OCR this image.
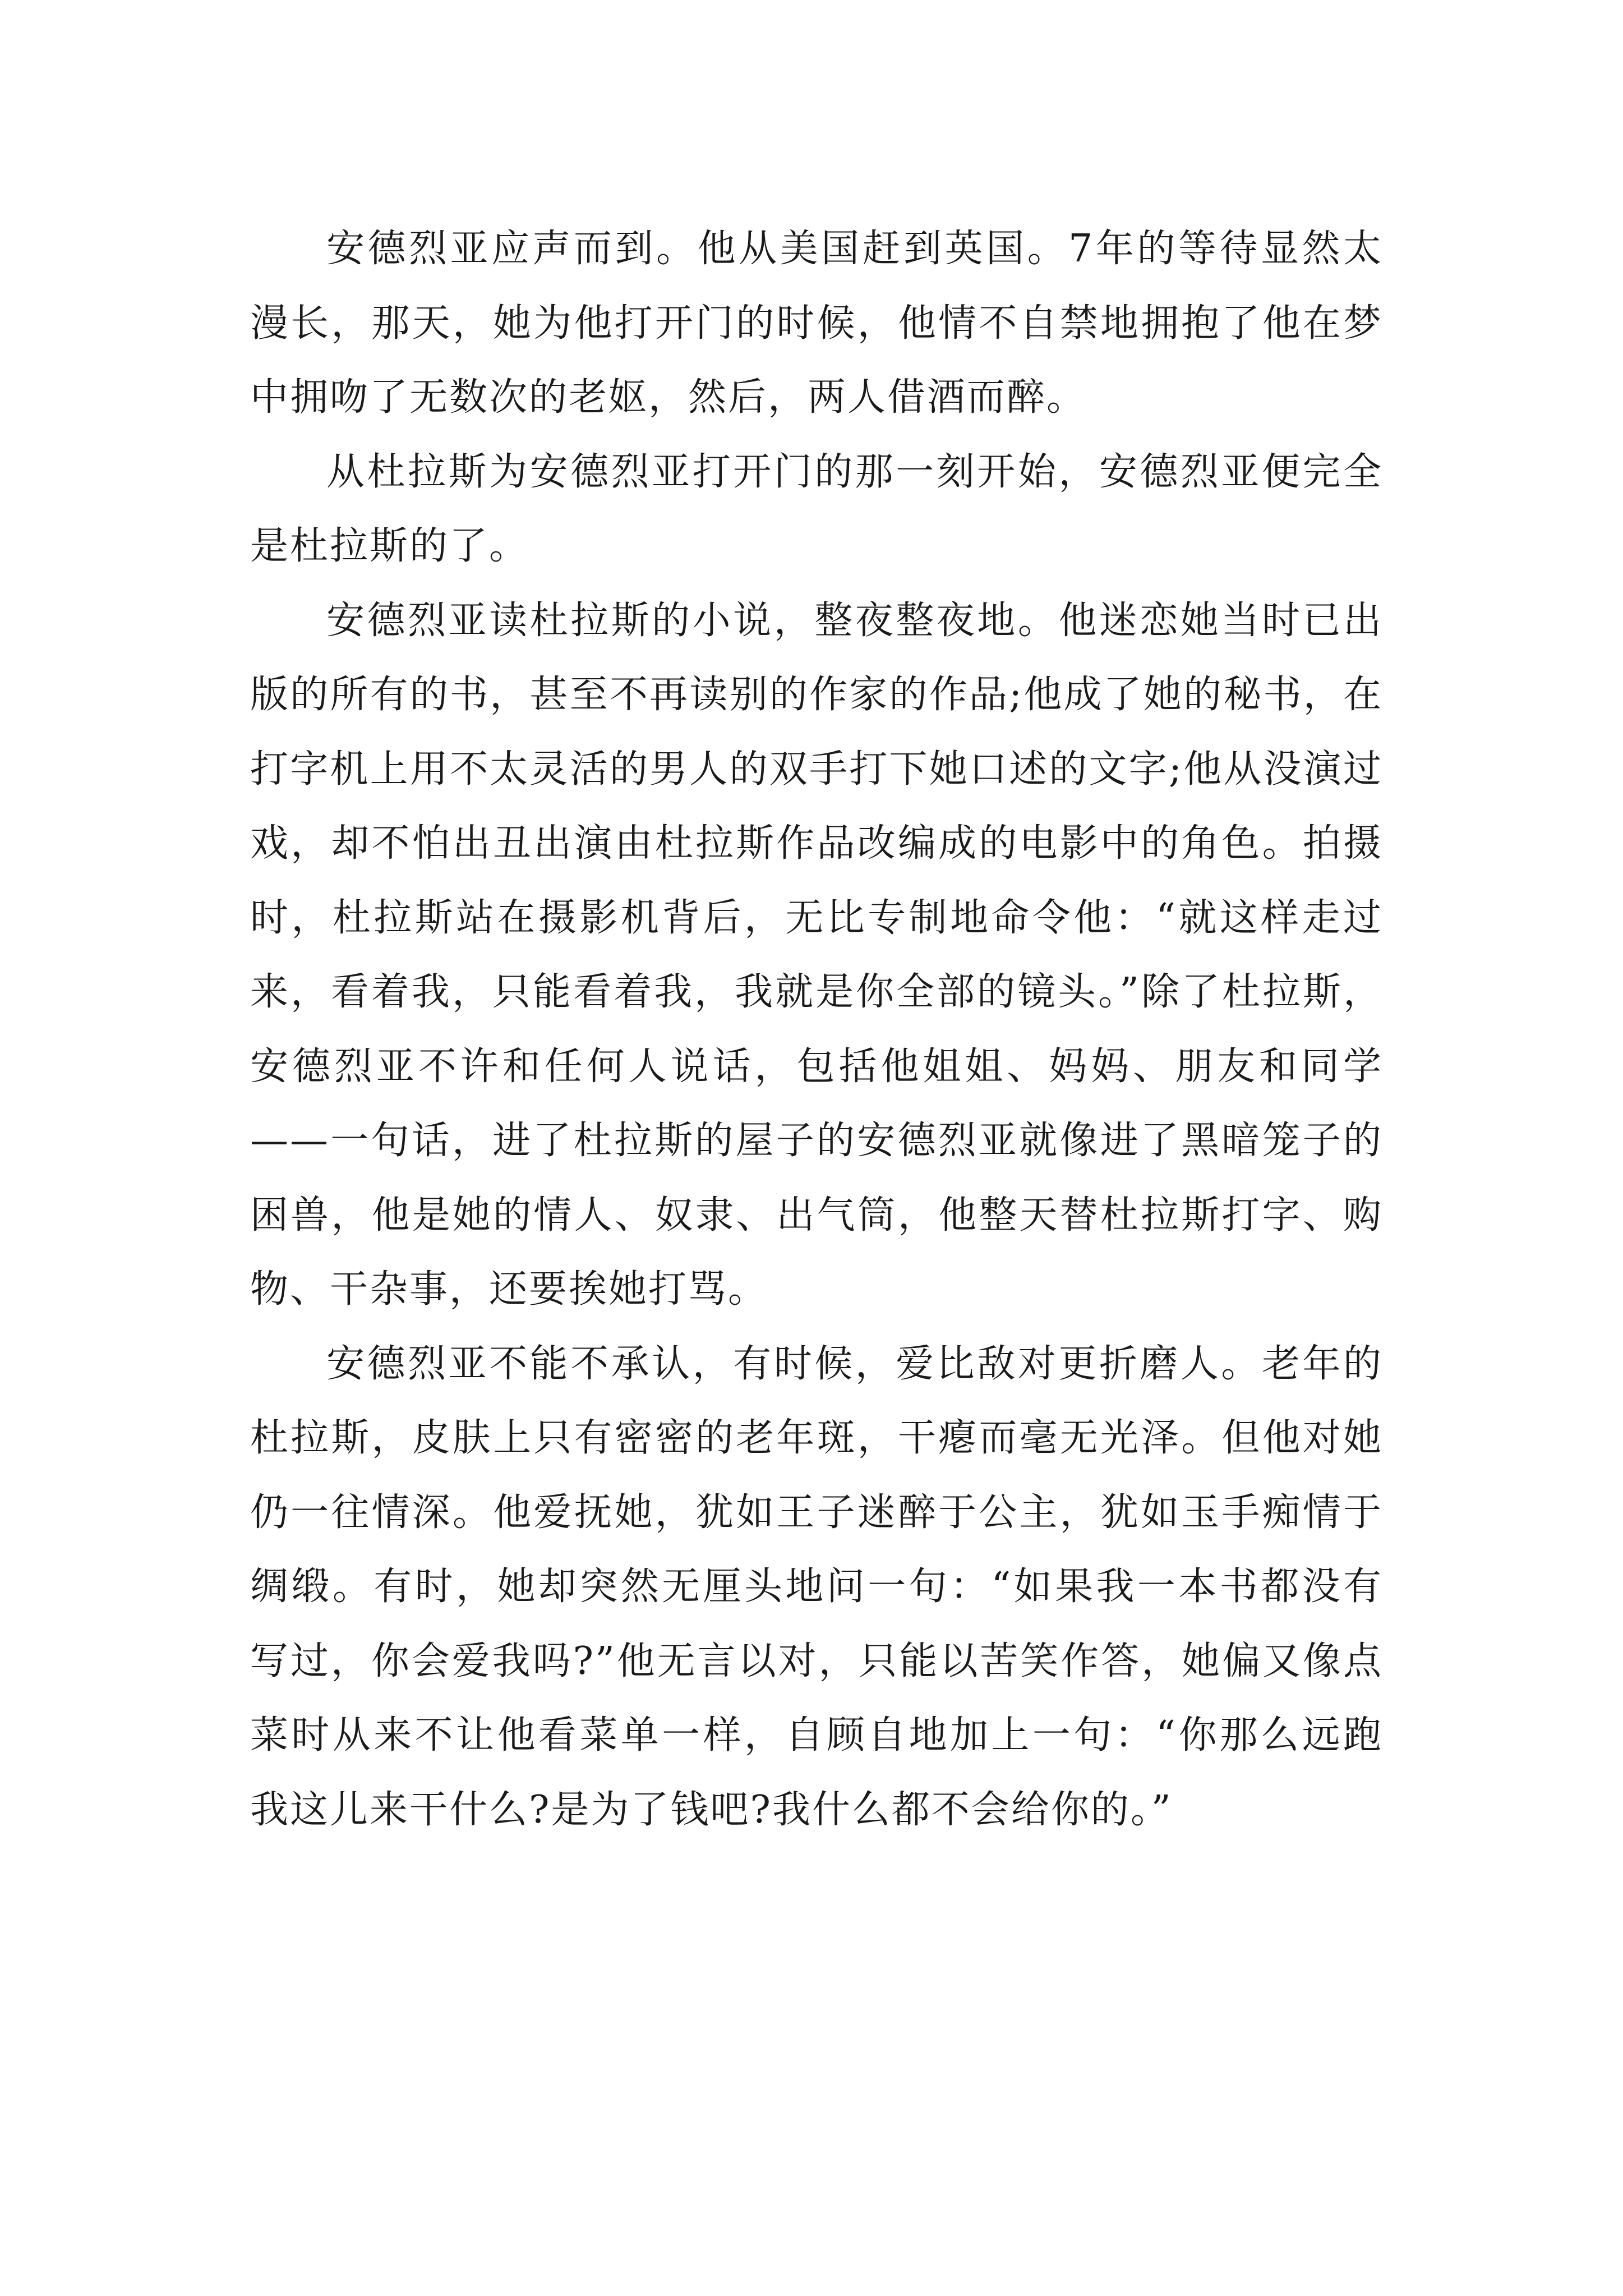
安德烈亚应声而到。他从美国赶到英国。7年的等待显然太漫长，那天，她为他打开门的时候，他情不自禁地拥抱了他在梦中拥吻了无数次的老妪，然后，两人借酒而醉。

从杜拉斯为安德烈亚打开门的那一刻开始，安德烈亚便完全是杜拉斯的了。

安德烈亚读杜拉斯的小说，整夜整夜地。他迷恋她当时已出版的所有的书，甚至不再读别的作家的作品;他成了她的秘书，在打字机上用不太灵活的男人的双手打下她口述的文字;他从没演过戏，却不怕出丑出演由杜拉斯作品改编成的电影中的角色。拍摄时，杜拉斯站在摄影机背后，无比专制地命令他：“就这样走过来，看着我，只能看着我，我就是你全部的镜头。”除了杜拉斯，安德烈亚不许和任何人说话，包括他姐姐、妈妈、朋友和同学——一句话，进了杜拉斯的屋子的安德烈亚就像进了黑暗笼子的困兽，他是她的情人、奴隶、出气筒，他整天替杜拉斯打字、购物、干杂事，还要挨她打骂。

安德烈亚不能不承认，有时候，爱比敌对更折磨人。老年的杜拉斯，皮肤上只有密密的老年斑，干瘪而毫无光泽。但他对她仍一往情深。他爱抚她，犹如王子迷醉于公主，犹如玉手痴情于绸缎。有时，她却突然无厘头地问一句：“如果我一本书都没有写过，你会爱我吗?”他无言以对，只能以苦笑作答，她偏又像点菜时从来不让他看菜单一样，自顾自地加上一句：“你那么远跑我这儿来干什么?是为了钱吧?我什么都不会给你的。”
